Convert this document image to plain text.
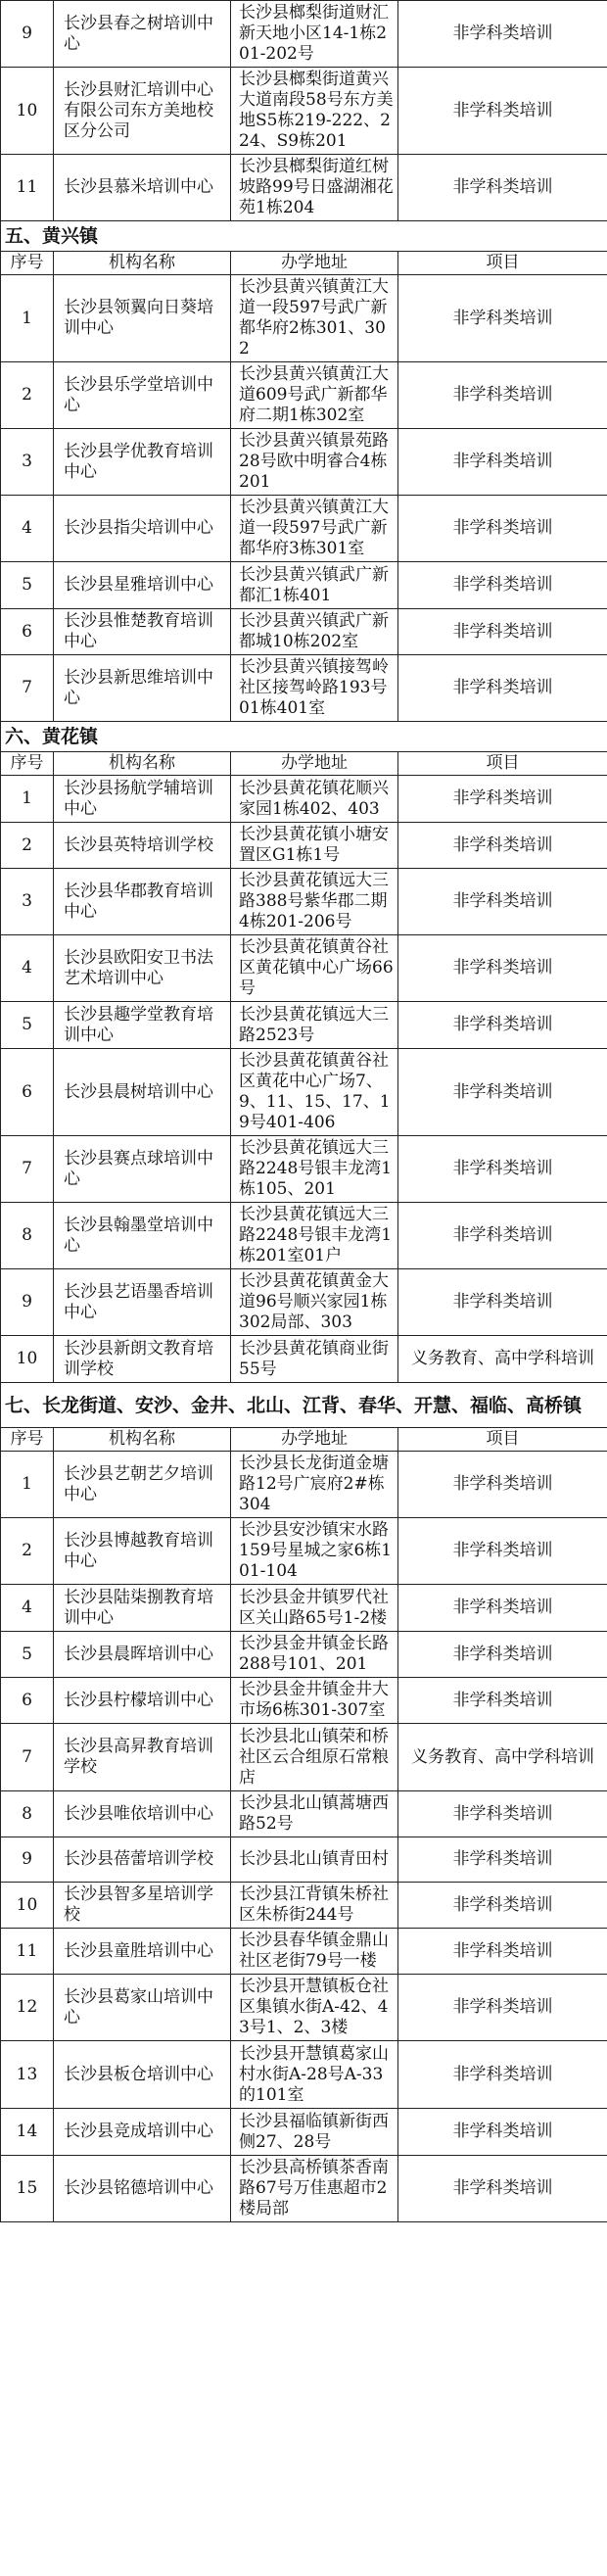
9	长沙县春之树培训中心	长沙县榔梨街道财汇新天地小区14-1栋201-202号	非学科类培训
10	长沙县财汇培训中心有限公司东方美地校区分公司	长沙县榔梨街道黄兴大道南段58号东方美地S5栋219-222、224、S9栋201	非学科类培训
11	长沙县慕米培训中心	长沙县榔梨街道红树坡路99号日盛湖湘花苑1栋204	非学科类培训
五、黄兴镇			
序号	机构名称	办学地址	项目
1	长沙县领翼向日葵培训中心	长沙县黄兴镇黄江大道一段597号武广新都华府2栋301、302	非学科类培训
2	长沙县乐学堂培训中心	长沙县黄兴镇黄江大道609号武广新都华府二期1栋302室	非学科类培训
3	长沙县学优教育培训中心	长沙县黄兴镇景苑路28号欧中明睿合4栋201	非学科类培训
4	长沙县指尖培训中心	长沙县黄兴镇黄江大道一段597号武广新都华府3栋301室	非学科类培训
5	长沙县星雅培训中心	长沙县黄兴镇武广新都汇1栋401	非学科类培训
6	长沙县惟楚教育培训中心	长沙县黄兴镇武广新都城10栋202室	非学科类培训
7	长沙县新思维培训中心	长沙县黄兴镇接驾岭社区接驾岭路193号01栋401室	非学科类培训
六、黄花镇			
序号	机构名称	办学地址	项目
1	长沙县扬航学辅培训中心	长沙县黄花镇花顺兴家园1栋402、403	非学科类培训
2	长沙县英特培训学校	长沙县黄花镇小塘安置区G1栋1号	非学科类培训
3	长沙县华郡教育培训中心	长沙县黄花镇远大三路388号紫华郡二期4栋201-206号	非学科类培训
4	长沙县欧阳安卫书法艺术培训中心	长沙县黄花镇黄谷社区黄花镇中心广场66号	非学科类培训
5	长沙县趣学堂教育培训中心	长沙县黄花镇远大三路2523号	非学科类培训
6	长沙县晨树培训中心	长沙县黄花镇黄谷社区黄花中心广场7、9、11、15、17、19号401-406	非学科类培训
7	长沙县赛点球培训中心	长沙县黄花镇远大三路2248号银丰龙湾1栋105、201	非学科类培训
8	长沙县翰墨堂培训中心	长沙县黄花镇远大三路2248号银丰龙湾1栋201室01户	非学科类培训
9	长沙县艺语墨香培训中心	长沙县黄花镇黄金大道96号顺兴家园1栋302局部、303	非学科类培训
10	长沙县新朗文教育培训学校	长沙县黄花镇商业街55号	义务教育、高中学科培训
七、长龙街道、安沙、金井、北山、江背、春华、开慧、福临、高桥镇			
序号	机构名称	办学地址	项目
1	长沙县艺朝艺夕培训中心	长沙县长龙街道金塘路12号广宸府2#栋304	非学科类培训
2	长沙县博越教育培训中心	长沙县安沙镇宋水路159号星城之家6栋101-104	非学科类培训
4	长沙县陆柒捌教育培训中心	长沙县金井镇罗代社区关山路65号1-2楼	非学科类培训
5	长沙县晨晖培训中心	长沙县金井镇金长路288号101、201	非学科类培训
6	长沙县柠檬培训中心	长沙县金井镇金井大市场6栋301-307室	非学科类培训
7	长沙县高昇教育培训学校	长沙县北山镇荣和桥社区云合组原石常粮店	义务教育、高中学科培训
8	长沙县唯依培训中心	长沙县北山镇蒿塘西路52号	非学科类培训
9	长沙县蓓蕾培训学校	长沙县北山镇青田村	非学科类培训
10	长沙县智多星培训学校	长沙县江背镇朱桥社区朱桥街244号	非学科类培训
11	长沙县童胜培训中心	长沙县春华镇金鼎山社区老街79号一楼	非学科类培训
12	长沙县葛家山培训中心	长沙县开慧镇板仓社区集镇水街A-42、43号1、2、3楼	非学科类培训
13	长沙县板仓培训中心	长沙县开慧镇葛家山村水街A-28号A-33的101室	非学科类培训
14	长沙县竞成培训中心	长沙县福临镇新街西侧27、28号	非学科类培训
15	长沙县铭德培训中心	长沙县高桥镇茶香南路67号万佳惠超市2楼局部	非学科类培训
